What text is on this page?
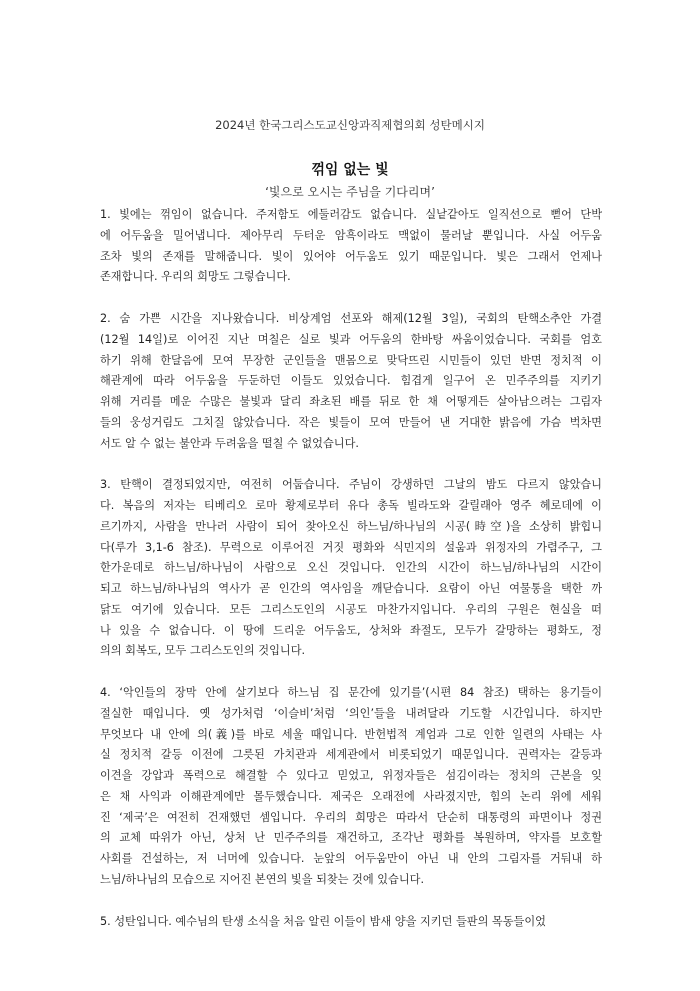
2024년 한국그리스도교신앙과직제협의회 성탄메시지
꺾임 없는 빛
‘빛으로 오시는 주님을 기다리며’
1. 빛에는 꺾임이 없습니다. 주저함도 에둘러감도 없습니다. 실낱같아도 일직선으로 뻗어 단박
에 어두움을 밀어냅니다. 제아무리 두터운 암흑이라도 맥없이 물러날 뿐입니다. 사실 어두움
조차 빛의 존재를 말해줍니다. 빛이 있어야 어두움도 있기 때문입니다. 빛은 그래서 언제나
존재합니다. 우리의 희망도 그렇습니다.
2. 숨 가쁜 시간을 지나왔습니다. 비상계엄 선포와 해제(12월 3일), 국회의 탄핵소추안 가결
(12월 14일)로 이어진 지난 며칠은 실로 빛과 어두움의 한바탕 싸움이었습니다. 국회를 엄호
하기 위해 한달음에 모여 무장한 군인들을 맨몸으로 맞닥뜨린 시민들이 있던 반면 정치적 이
해관계에 따라 어두움을 두둔하던 이들도 있었습니다. 힘겹게 일구어 온 민주주의를 지키기
위해 거리를 메운 수많은 불빛과 달리 좌초된 배를 뒤로 한 채 어떻게든 살아남으려는 그림자
들의 웅성거림도 그치질 않았습니다. 작은 빛들이 모여 만들어 낸 거대한 밝음에 가슴 벅차면
서도 알 수 없는 불안과 두려움을 떨칠 수 없었습니다.
3. 탄핵이 결정되었지만, 여전히 어둡습니다. 주님이 강생하던 그날의 밤도 다르지 않았습니
다. 복음의 저자는 티베리오 로마 황제로부터 유다 총독 빌라도와 갈릴래아 영주 헤로데에 이
르기까지, 사람을 만나러 사람이 되어 찾아오신 하느님/하나님의 시공(時空)을 소상히 밝힙니
다(루가 3,1-6 참조). 무력으로 이루어진 거짓 평화와 식민지의 설움과 위정자의 가렴주구, 그
한가운데로 하느님/하나님이 사람으로 오신 것입니다. 인간의 시간이 하느님/하나님의 시간이
되고 하느님/하나님의 역사가 곧 인간의 역사임을 깨닫습니다. 요람이 아닌 여물통을 택한 까
닭도 여기에 있습니다. 모든 그리스도인의 시공도 마찬가지입니다. 우리의 구원은 현실을 떠
나 있을 수 없습니다. 이 땅에 드리운 어두움도, 상처와 좌절도, 모두가 갈망하는 평화도, 정
의의 회복도, 모두 그리스도인의 것입니다.
4. ‘악인들의 장막 안에 살기보다 하느님 집 문간에 있기를’(시편 84 참조) 택하는 용기들이
절실한 때입니다. 옛 성가처럼 ‘이슬비’처럼 ‘의인’들을 내려달라 기도할 시간입니다. 하지만
무엇보다 내 안에 의(義)를 바로 세울 때입니다. 반헌법적 계엄과 그로 인한 일련의 사태는 사
실 정치적 갈등 이전에 그릇된 가치관과 세계관에서 비롯되었기 때문입니다. 권력자는 갈등과
이견을 강압과 폭력으로 해결할 수 있다고 믿었고, 위정자들은 섬김이라는 정치의 근본을 잊
은 채 사익과 이해관계에만 몰두했습니다. 제국은 오래전에 사라졌지만, 힘의 논리 위에 세워
진 ‘제국’은 여전히 건재했던 셈입니다. 우리의 희망은 따라서 단순히 대통령의 파면이나 정권
의 교체 따위가 아닌, 상처 난 민주주의를 재건하고, 조각난 평화를 복원하며, 약자를 보호할
사회를 건설하는, 저 너머에 있습니다. 눈앞의 어두움만이 아닌 내 안의 그림자를 거둬내 하
느님/하나님의 모습으로 지어진 본연의 빛을 되찾는 것에 있습니다.
5. 성탄입니다. 예수님의 탄생 소식을 처음 알린 이들이 밤새 양을 지키던 들판의 목동들이었
